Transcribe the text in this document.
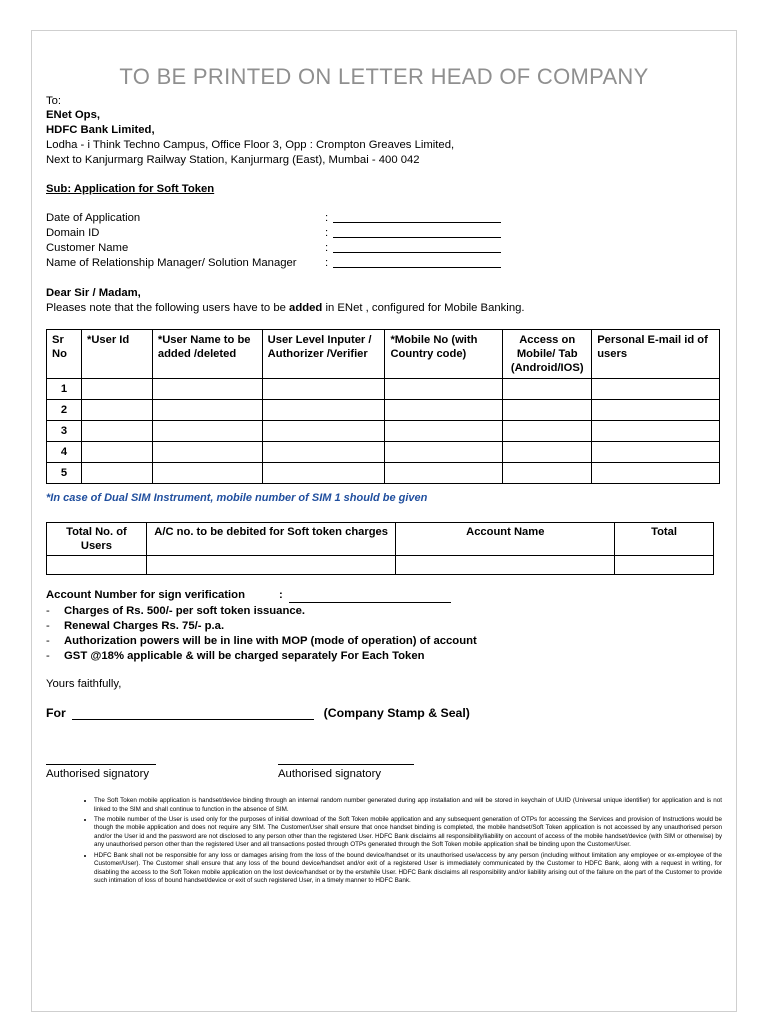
TO BE PRINTED ON LETTER HEAD OF COMPANY
To:
ENet Ops,
HDFC Bank Limited,
Lodha - i Think Techno Campus, Office Floor 3, Opp : Crompton Greaves Limited,
Next to Kanjurmarg Railway Station, Kanjurmarg (East), Mumbai - 400 042
Sub: Application for Soft Token
Date of Application	:
Domain ID	:
Customer Name	:
Name of Relationship Manager/ Solution Manager	:
Dear Sir / Madam,
Pleases note that the following users have to be added in ENet , configured for Mobile Banking.
Sr No	*User Id	*User Name to be added /deleted	User Level Inputer / Authorizer /Verifier	*Mobile No (with Country code)	Access on Mobile/ Tab (Android/IOS)	Personal E-mail id of users
1						
2						
3						
4						
5						
*In case of Dual SIM Instrument, mobile number of SIM 1 should be given
Total No. of Users	A/C no. to be debited for Soft token charges	Account Name	Total

Account Number for sign verification	:
-	Charges of Rs. 500/- per soft token issuance.
-	Renewal Charges Rs. 75/- p.a.
-	Authorization powers will be in line with MOP (mode of operation) of account
-	GST @18% applicable & will be charged separately For Each Token
Yours faithfully,
For	(Company Stamp & Seal)
Authorised signatory	Authorised signatory
• The Soft Token mobile application is handset/device binding through an internal random number generated during app installation and will be stored in keychain of UUID (Universal unique identifier) for application and is not linked to the SIM and shall continue to function in the absence of SIM.
• The mobile number of the User is used only for the purposes of initial download of the Soft Token mobile application and any subsequent generation of OTPs for accessing the Services and provision of Instructions would be though the mobile application and does not require any SIM. The Customer/User shall ensure that once handset binding is completed, the mobile handset/Soft Token application is not accessed by any unauthorised person and/or the User id and the password are not disclosed to any person other than the registered User. HDFC Bank disclaims all responsibility/liability on account of access of the mobile handset/device (with SIM or otherwise) by any unauthorised person other than the registered User and all transactions posted through OTPs generated through the Soft Token mobile application shall be binding upon the Customer/User.
• HDFC Bank shall not be responsible for any loss or damages arising from the loss of the bound device/handset or its unauthorised use/access by any person (including without limitation any employee or ex-employee of the Customer/User). The Customer shall ensure that any loss of the bound device/handset and/or exit of a registered User is immediately communicated by the Customer to HDFC Bank, along with a request in writing, for disabling the access to the Soft Token mobile application on the lost device/handset or by the erstwhile User. HDFC Bank disclaims all responsibility and/or liability arising out of the failure on the part of the Customer to provide such intimation of loss of bound handset/device or exit of such registered User, in a timely manner to HDFC Bank.
